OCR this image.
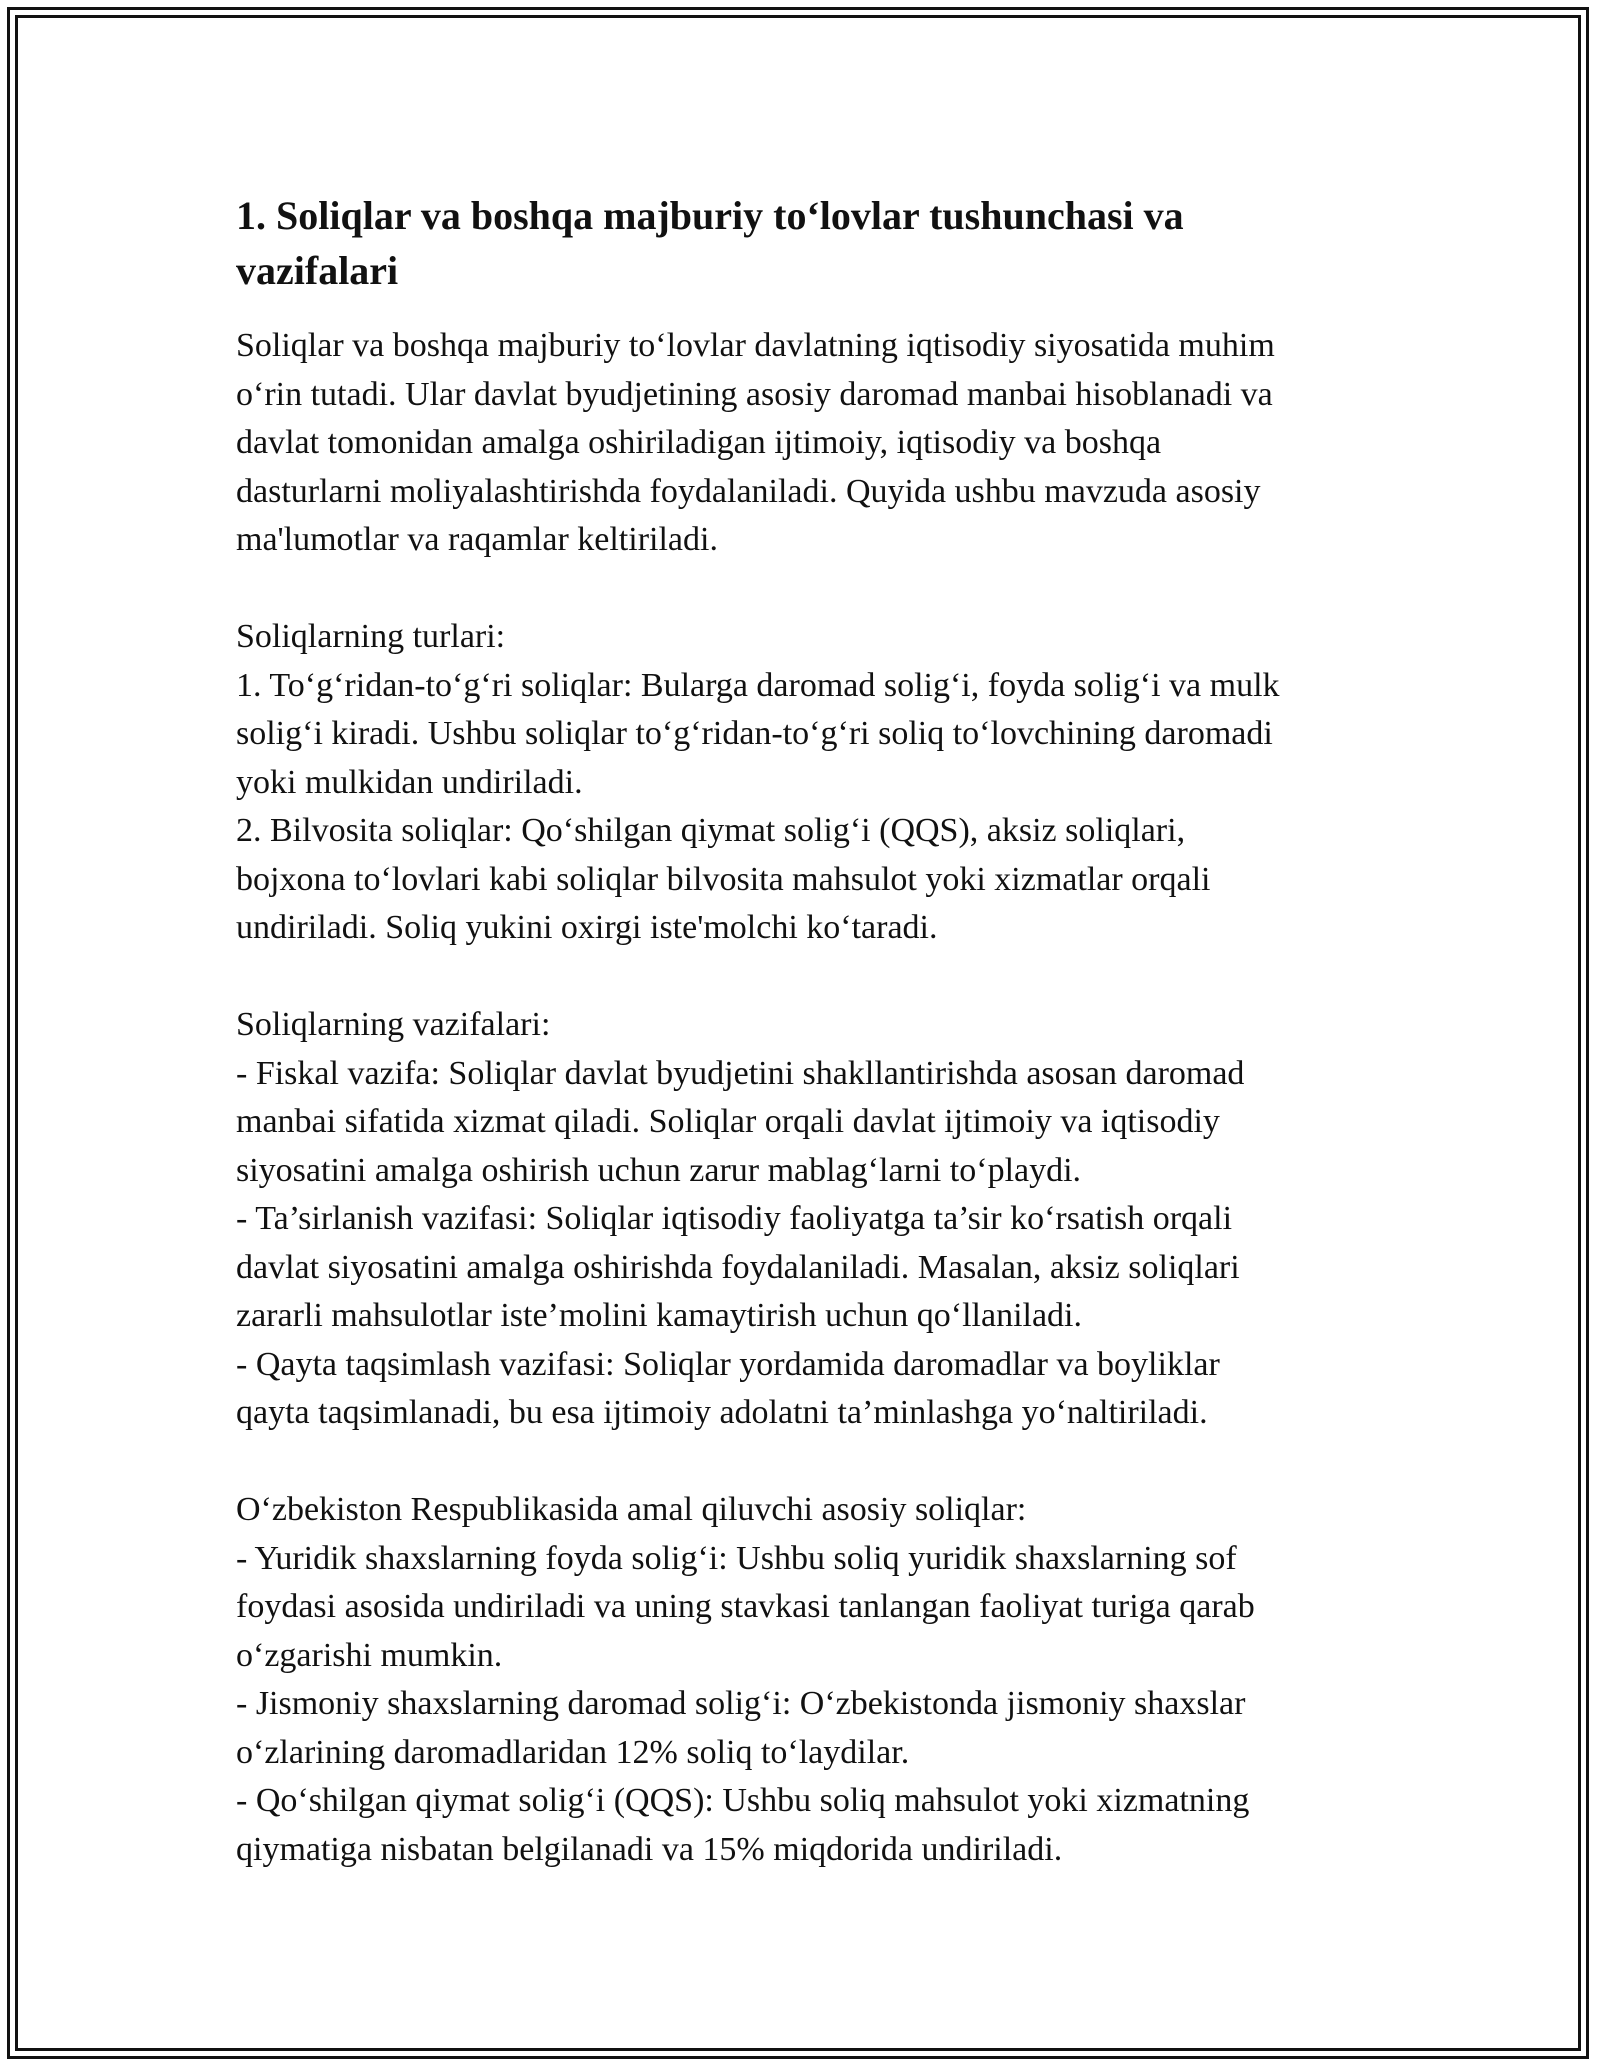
1. Soliqlar va boshqa majburiy to‘lovlar tushunchasi va
vazifalari
Soliqlar va boshqa majburiy to‘lovlar davlatning iqtisodiy siyosatida muhim
o‘rin tutadi. Ular davlat byudjetining asosiy daromad manbai hisoblanadi va
davlat tomonidan amalga oshiriladigan ijtimoiy, iqtisodiy va boshqa
dasturlarni moliyalashtirishda foydalaniladi. Quyida ushbu mavzuda asosiy
ma'lumotlar va raqamlar keltiriladi.
Soliqlarning turlari:
1. To‘g‘ridan-to‘g‘ri soliqlar: Bularga daromad solig‘i, foyda solig‘i va mulk
solig‘i kiradi. Ushbu soliqlar to‘g‘ridan-to‘g‘ri soliq to‘lovchining daromadi
yoki mulkidan undiriladi.
2. Bilvosita soliqlar: Qo‘shilgan qiymat solig‘i (QQS), aksiz soliqlari,
bojxona to‘lovlari kabi soliqlar bilvosita mahsulot yoki xizmatlar orqali
undiriladi. Soliq yukini oxirgi iste'molchi ko‘taradi.
Soliqlarning vazifalari:
- Fiskal vazifa: Soliqlar davlat byudjetini shakllantirishda asosan daromad
manbai sifatida xizmat qiladi. Soliqlar orqali davlat ijtimoiy va iqtisodiy
siyosatini amalga oshirish uchun zarur mablag‘larni to‘playdi.
- Ta’sirlanish vazifasi: Soliqlar iqtisodiy faoliyatga ta’sir ko‘rsatish orqali
davlat siyosatini amalga oshirishda foydalaniladi. Masalan, aksiz soliqlari
zararli mahsulotlar iste’molini kamaytirish uchun qo‘llaniladi.
- Qayta taqsimlash vazifasi: Soliqlar yordamida daromadlar va boyliklar
qayta taqsimlanadi, bu esa ijtimoiy adolatni ta’minlashga yo‘naltiriladi.
O‘zbekiston Respublikasida amal qiluvchi asosiy soliqlar:
- Yuridik shaxslarning foyda solig‘i: Ushbu soliq yuridik shaxslarning sof
foydasi asosida undiriladi va uning stavkasi tanlangan faoliyat turiga qarab
o‘zgarishi mumkin.
- Jismoniy shaxslarning daromad solig‘i: O‘zbekistonda jismoniy shaxslar
o‘zlarining daromadlaridan 12% soliq to‘laydilar.
- Qo‘shilgan qiymat solig‘i (QQS): Ushbu soliq mahsulot yoki xizmatning
qiymatiga nisbatan belgilanadi va 15% miqdorida undiriladi.
